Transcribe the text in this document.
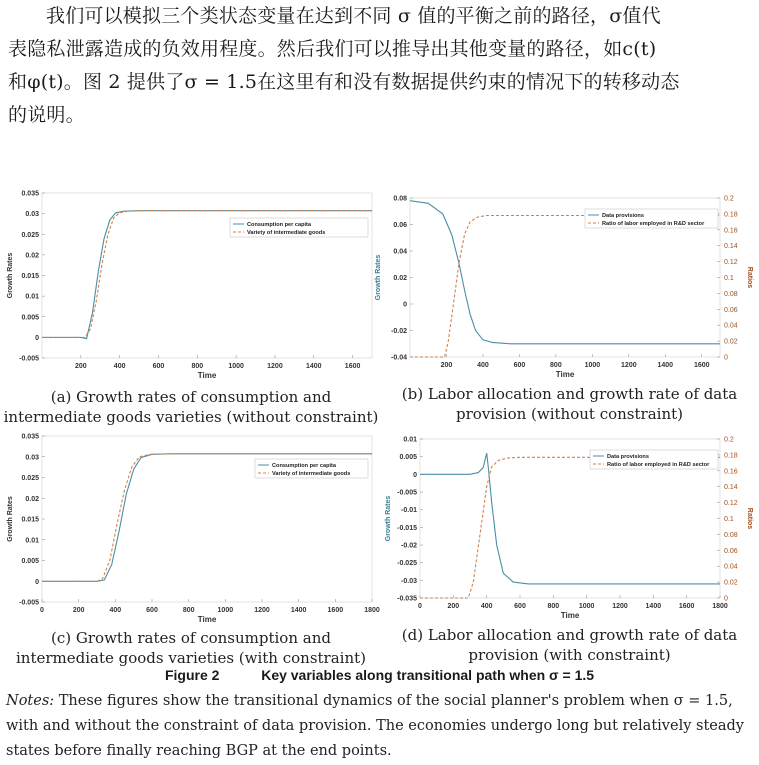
我们可以模拟三个类状态变量在达到不同 σ 值的平衡之前的路径，σ值代
表隐私泄露造成的负效用程度。然后我们可以推导出其他变量的路径，如c(t)
和φ(t)。图 2 提供了σ = 1.5在这里有和没有数据提供约束的情况下的转移动态
的说明。
200	400	600	800	1000	1200	1400	1600
-0.005
0
0.005
0.01
0.015
0.02
0.025
0.03
0.035
Time
Growth Rates
Consumption per capita
Variety of intermediate goods
200	400	600	800	1000	1200	1400	1600
-0.04
-0.02
0
0.02
0.04
0.06
0.08
0
0.02
0.04
0.06
0.08
0.1
0.12
0.14
0.16
0.18
0.2
Ratios
Time
Growth Rates
Data provisions
Ratio of labor employed in R&D sector
0	200	400	600	800	1000	1200	1400	1600	1800
-0.005
0
0.005
0.01
0.015
0.02
0.025
0.03
0.035
Time
Growth Rates
Consumption per capita
Variety of intermediate goods
0	200	400	600	800	1000	1200	1400	1600	1800
-0.035
-0.03
-0.025
-0.02
-0.015
-0.01
-0.005
0
0.005
0.01
0
0.02
0.04
0.06
0.08
0.1
0.12
0.14
0.16
0.18
0.2
Ratios
Time
Growth Rates
Data provisions
Ratio of labor employed in R&D sector
(a) Growth rates of consumption and
intermediate goods varieties (without constraint)
(b) Labor allocation and growth rate of data
provision (without constraint)
(c) Growth rates of consumption and
intermediate goods varieties (with constraint)
(d) Labor allocation and growth rate of data
provision (with constraint)
Figure 2	Key variables along transitional path when σ = 1.5
Notes: These figures show the transitional dynamics of the social planner's problem when σ = 1.5, with and without the constraint of data provision. The economies undergo long but relatively steady states before finally reaching BGP at the end points.
